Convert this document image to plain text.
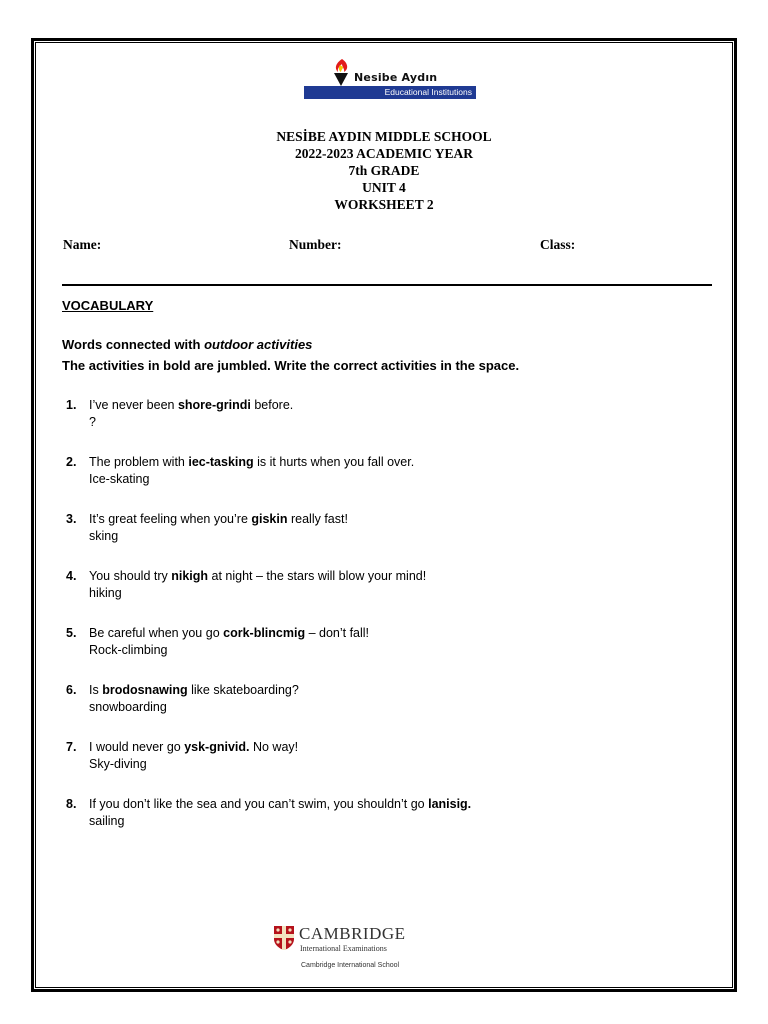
Nesibe Aydın
Educational Institutions
NESİBE AYDIN MIDDLE SCHOOL
2022-2023 ACADEMIC YEAR
7th GRADE
UNIT 4
WORKSHEET 2
Name:	Number:	Class:
VOCABULARY
Words connected with outdoor activities
The activities in bold are jumbled. Write the correct activities in the space.
1. I’ve never been shore-grindi before.
?
2. The problem with iec-tasking is it hurts when you fall over.
Ice-skating
3. It’s great feeling when you’re giskin really fast!
sking
4. You should try nikigh at night – the stars will blow your mind!
hiking
5. Be careful when you go cork-blincmig – don’t fall!
Rock-climbing
6. Is brodosnawing like skateboarding?
snowboarding
7. I would never go ysk-gnivid. No way!
Sky-diving
8. If you don’t like the sea and you can’t swim, you shouldn’t go lanisig.
sailing
CAMBRIDGE
International Examinations
Cambridge International School
